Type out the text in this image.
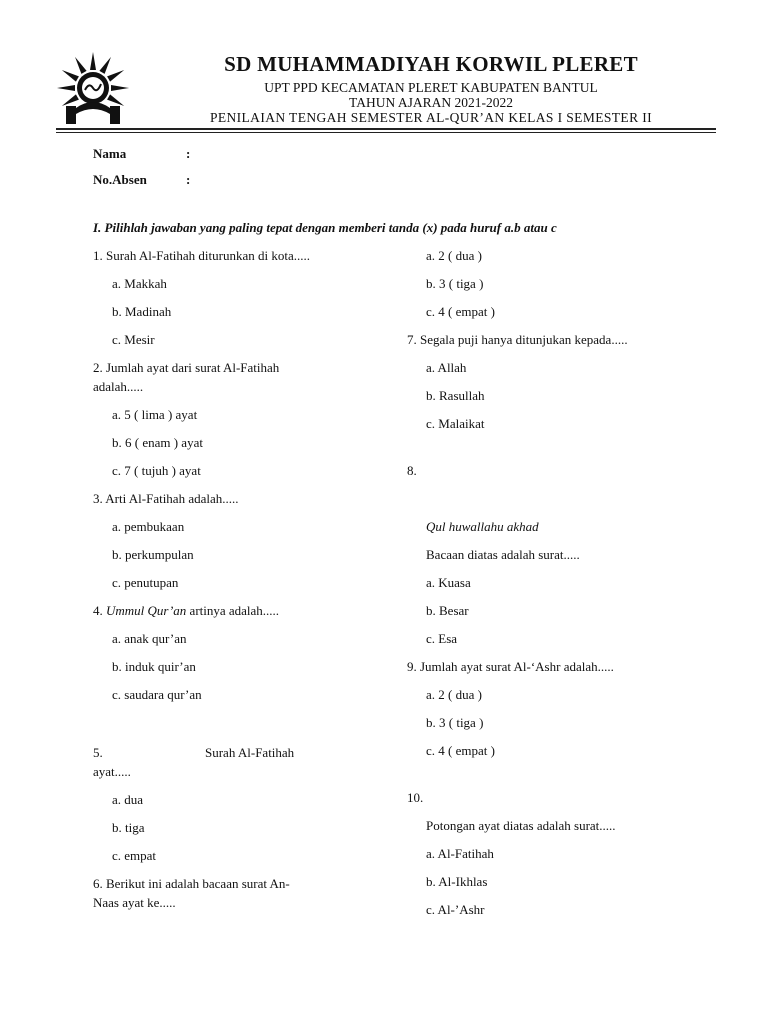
SD MUHAMMADIYAH KORWIL PLERET
UPT PPD KECAMATAN PLERET KABUPATEN BANTUL
TAHUN AJARAN 2021-2022
PENILAIAN TENGAH SEMESTER AL-QUR’AN KELAS I SEMESTER II
Nama	:
No.Absen	:
I. Pilihlah jawaban yang paling tepat dengan memberi tanda (x) pada huruf a.b atau c
1. Surah Al-Fatihah diturunkan di kota.....
a. Makkah
b. Madinah
c. Mesir
2. Jumlah ayat dari surat Al-Fatihah
adalah.....
a. 5 ( lima ) ayat
b. 6 ( enam ) ayat
c. 7 ( tujuh ) ayat
3. Arti Al-Fatihah adalah.....
a. pembukaan
b. perkumpulan
c. penutupan
4. Ummul Qur’an artinya adalah.....
a. anak qur’an
b. induk quir’an
c. saudara qur’an
5.	Surah Al-Fatihah
ayat.....
a. dua
b. tiga
c. empat
6. Berikut ini adalah bacaan surat An-
Naas ayat ke.....
a. 2 ( dua )
b. 3 ( tiga )
c. 4 ( empat )
7. Segala puji hanya ditunjukan kepada.....
a. Allah
b. Rasullah
c. Malaikat
8.
Qul huwallahu akhad
Bacaan diatas adalah surat.....
a. Kuasa
b. Besar
c. Esa
9. Jumlah ayat surat Al-‘Ashr adalah.....
a. 2 ( dua )
b. 3 ( tiga )
c. 4 ( empat )
10.
Potongan ayat diatas adalah surat.....
a. Al-Fatihah
b. Al-Ikhlas
c. Al-’Ashr
